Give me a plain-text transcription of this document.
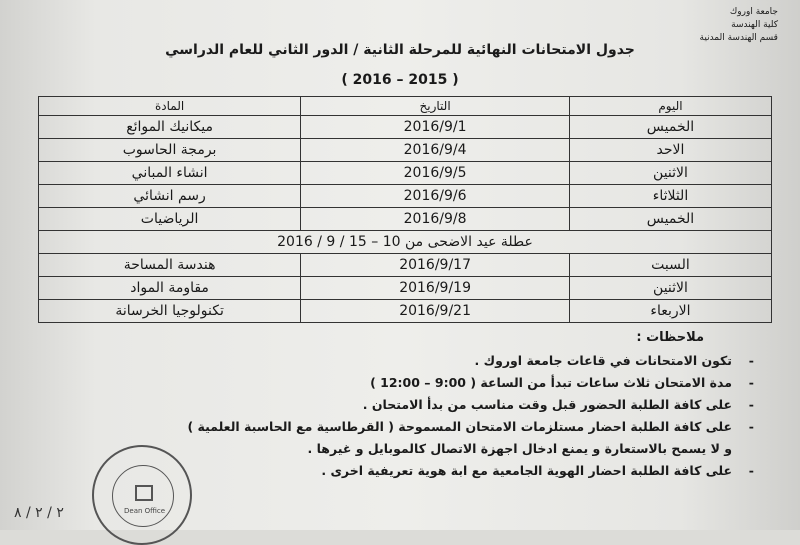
جامعة اوروك
كلية الهندسة
قسم الهندسة المدنية
جدول الامتحانات النهائية للمرحلة الثانية / الدور الثاني للعام الدراسي
( 2016 – 2015 )
اليوم	التاريخ	المادة
الخميس	2016/9/1	ميكانيك الموائع
الاحد	2016/9/4	برمجة الحاسوب
الاثنين	2016/9/5	انشاء المباني
الثلاثاء	2016/9/6	رسم انشائي
الخميس	2016/9/8	الرياضيات
عطلة عيد الاضحى من 10 – 15 / 9 / 2016		
السبت	2016/9/17	هندسة المساحة
الاثنين	2016/9/19	مقاومة المواد
الاربعاء	2016/9/21	تكنولوجيا الخرسانة
ملاحظات :
- تكون الامتحانات في قاعات جامعة اوروك .
- مدة الامتحان ثلاث ساعات تبدأ من الساعة ( 9:00 – 12:00 )
- على كافة الطلبة الحضور قبل وقت مناسب من بدأ الامتحان .
- على كافة الطلبة احضار مستلزمات الامتحان المسموحة ( القرطاسية مع الحاسبة العلمية )
و لا يسمح بالاستعارة و يمنع ادخال اجهزة الاتصال كالموبايل و غيرها .
- على كافة الطلبة احضار الهوية الجامعية مع ابة هوية تعريفية اخرى .
Dean Office
٢ / ٢ / ٨
